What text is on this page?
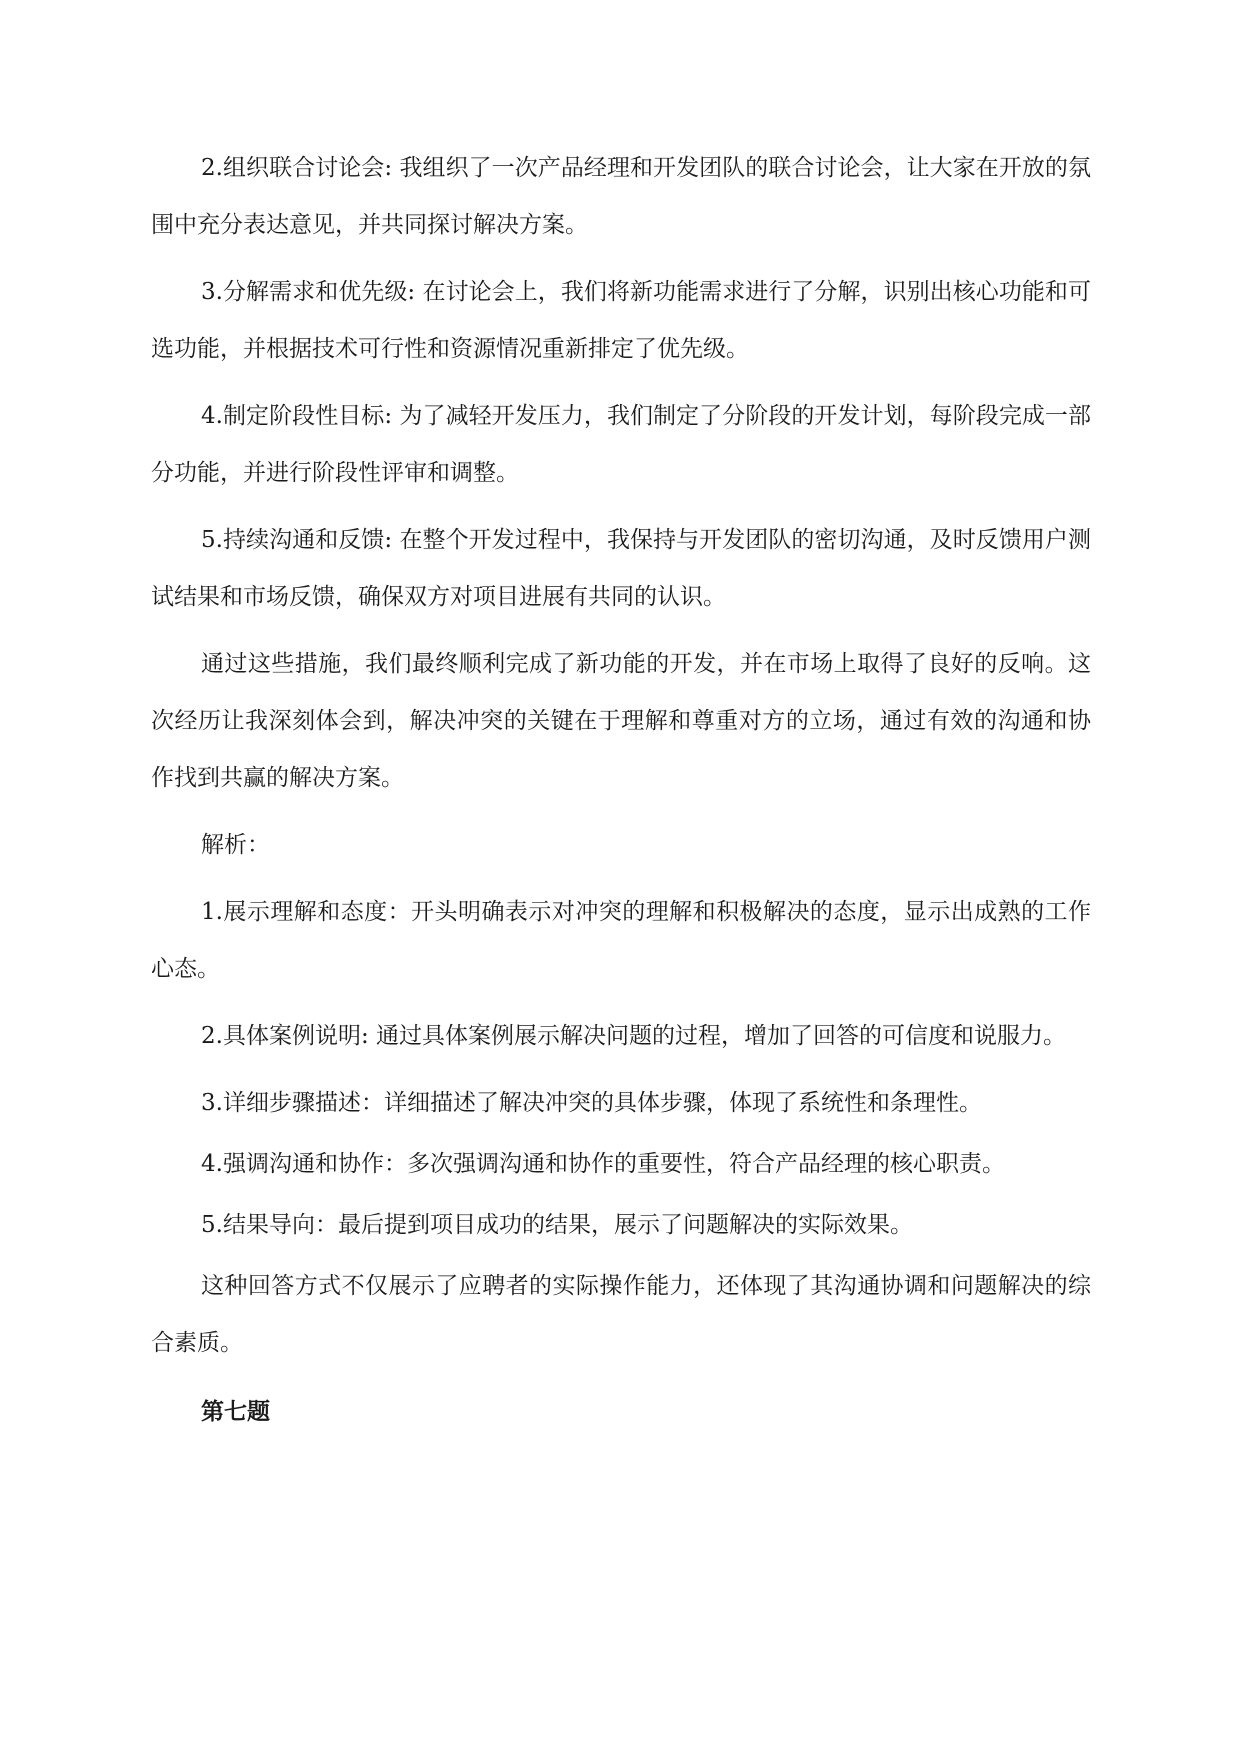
2.组织联合讨论会: 我组织了一次产品经理和开发团队的联合讨论会，让大家在开放的氛围中充分表达意见，并共同探讨解决方案。

3.分解需求和优先级: 在讨论会上，我们将新功能需求进行了分解，识别出核心功能和可选功能，并根据技术可行性和资源情况重新排定了优先级。

4.制定阶段性目标: 为了减轻开发压力，我们制定了分阶段的开发计划，每阶段完成一部分功能，并进行阶段性评审和调整。

5.持续沟通和反馈: 在整个开发过程中，我保持与开发团队的密切沟通，及时反馈用户测试结果和市场反馈，确保双方对项目进展有共同的认识。

通过这些措施，我们最终顺利完成了新功能的开发，并在市场上取得了良好的反响。这次经历让我深刻体会到，解决冲突的关键在于理解和尊重对方的立场，通过有效的沟通和协作找到共赢的解决方案。

解析：

1.展示理解和态度：开头明确表示对冲突的理解和积极解决的态度，显示出成熟的工作心态。

2.具体案例说明: 通过具体案例展示解决问题的过程，增加了回答的可信度和说服力。

3.详细步骤描述：详细描述了解决冲突的具体步骤，体现了系统性和条理性。

4.强调沟通和协作：多次强调沟通和协作的重要性，符合产品经理的核心职责。

5.结果导向：最后提到项目成功的结果，展示了问题解决的实际效果。

这种回答方式不仅展示了应聘者的实际操作能力，还体现了其沟通协调和问题解决的综合素质。

第七题
